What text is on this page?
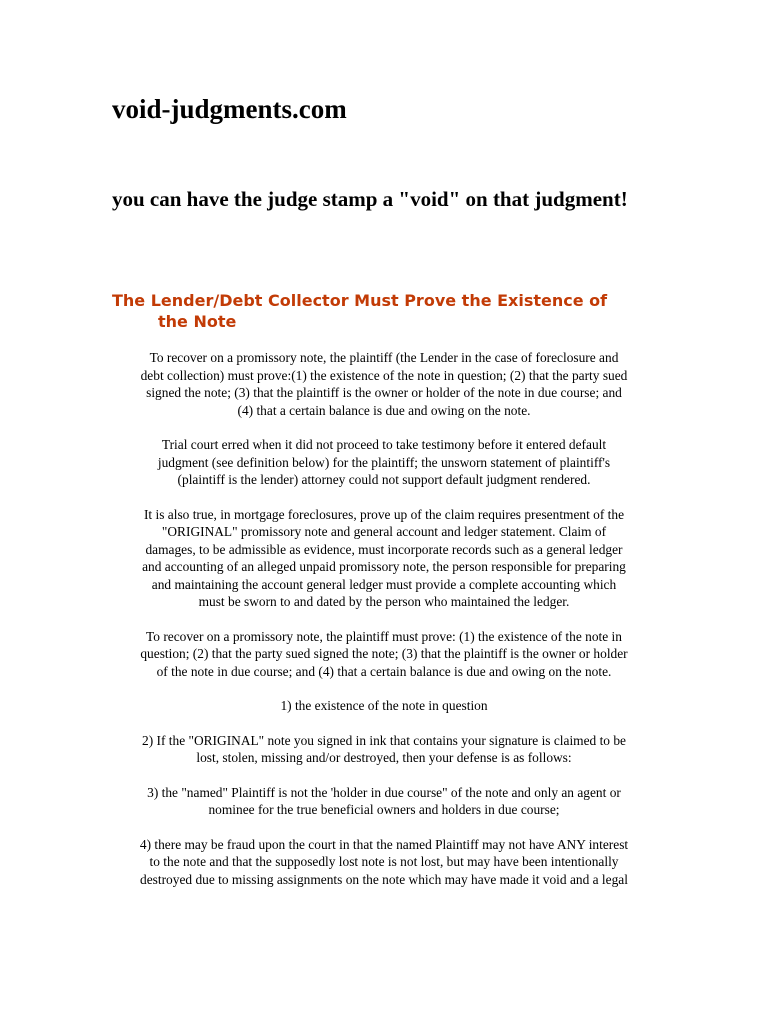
void-judgments.com
you can have the judge stamp a "void" on that judgment!
The Lender/Debt Collector Must Prove the Existence of
the Note

To recover on a promissory note, the plaintiff (the Lender in the case of foreclosure and
debt collection) must prove:(1) the existence of the note in question; (2) that the party sued
signed the note; (3) that the plaintiff is the owner or holder of the note in due course; and
(4) that a certain balance is due and owing on the note.

Trial court erred when it did not proceed to take testimony before it entered default
judgment (see definition below) for the plaintiff; the unsworn statement of plaintiff's
(plaintiff is the lender) attorney could not support default judgment rendered.

It is also true, in mortgage foreclosures, prove up of the claim requires presentment of the
"ORIGINAL" promissory note and general account and ledger statement. Claim of
damages, to be admissible as evidence, must incorporate records such as a general ledger
and accounting of an alleged unpaid promissory note, the person responsible for preparing
and maintaining the account general ledger must provide a complete accounting which
must be sworn to and dated by the person who maintained the ledger.

To recover on a promissory note, the plaintiff must prove: (1) the existence of the note in
question; (2) that the party sued signed the note; (3) that the plaintiff is the owner or holder
of the note in due course; and (4) that a certain balance is due and owing on the note.

1) the existence of the note in question

2) If the "ORIGINAL" note you signed in ink that contains your signature is claimed to be
lost, stolen, missing and/or destroyed, then your defense is as follows:

3) the "named" Plaintiff is not the 'holder in due course" of the note and only an agent or
nominee for the true beneficial owners and holders in due course;

4) there may be fraud upon the court in that the named Plaintiff may not have ANY interest
to the note and that the supposedly lost note is not lost, but may have been intentionally
destroyed due to missing assignments on the note which may have made it void and a legal
